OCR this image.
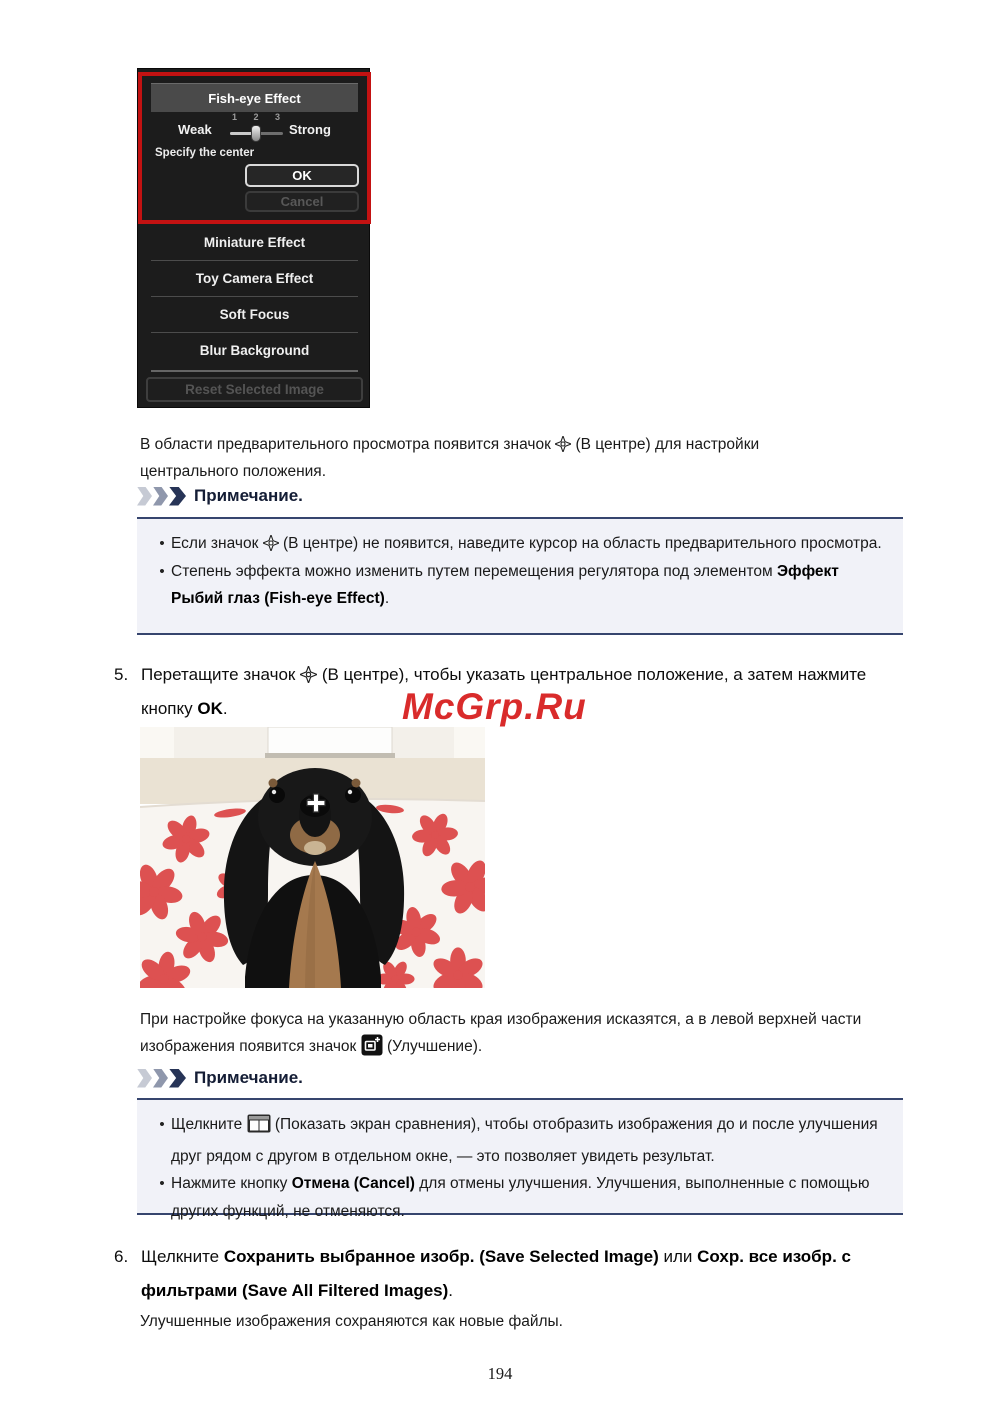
Fish-eye Effect
Weak
1 2 3
Strong
Specify the center
OK
Cancel
Miniature Effect
Toy Camera Effect
Soft Focus
Blur Background
Reset Selected Image

В области предварительного просмотра появится значок (В центре) для настройки центрального положения.

Примечание.
• Если значок (В центре) не появится, наведите курсор на область предварительного просмотра.
• Степень эффекта можно изменить путем перемещения регулятора под элементом Эффект Рыбий глаз (Fish-eye Effect).
5. Перетащите значок (В центре), чтобы указать центральное положение, а затем нажмите кнопку OK.	McGrp.Ru

При настройке фокуса на указанную область края изображения исказятся, а в левой верхней части изображения появится значок (Улучшение).

Примечание.
• Щелкните (Показать экран сравнения), чтобы отобразить изображения до и после улучшения друг рядом с другом в отдельном окне, — это позволяет увидеть результат.
• Нажмите кнопку Отмена (Cancel) для отмены улучшения. Улучшения, выполненные с помощью других функций, не отменяются.
6. Щелкните Сохранить выбранное изобр. (Save Selected Image) или Сохр. все изобр. с фильтрами (Save All Filtered Images).

Улучшенные изображения сохраняются как новые файлы.

194
